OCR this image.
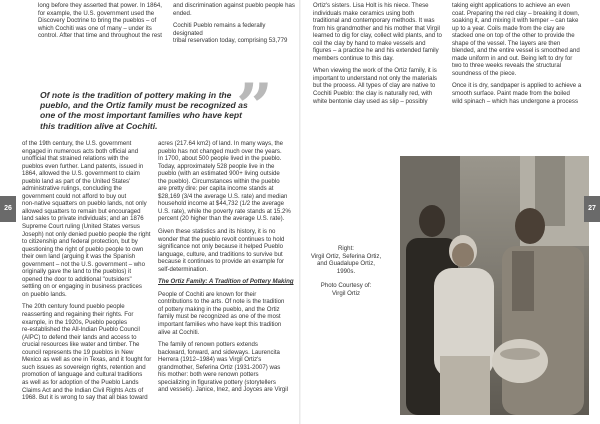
long before they asserted that power. In 1864,
for example, the U.S. government used the
Discovery Doctrine to bring the pueblos – of
which Cochiti was one of many – under its
control. After that time and throughout the rest

and discrimination against pueblo people has
ended.

Cochiti Pueblo remains a federally designated
tribal reservation today, comprising 53,779

Of note is the tradition of pottery making in the
pueblo, and the Ortiz family must be recognized as
one of the most important families who have kept
this tradition alive at Cochiti.	”
26

of the 19th century, the U.S. government
engaged in numerous acts both official and
unofficial that strained relations with the
pueblos even further. Land patents, issued in
1864, allowed the U.S. government to claim
pueblo land as part of the United States'
administrative rulings, concluding the
government could not afford to buy out
non-native squatters on pueblo lands, not only
allowed squatters to remain but encouraged
land sales to private individuals; and an 1876
Supreme Court ruling (United States versus
Joseph) not only denied pueblo people the right
to citizenship and federal protection, but by
questioning the right of pueblo people to own
their own land (arguing it was the Spanish
government – not the U.S. government – who
originally gave the land to the pueblos) it
opened the door to additional "outsiders"
settling on or engaging in business practices
on pueblo lands.

The 20th century found pueblo people
reasserting and regaining their rights. For
example, in the 1920s, Pueblo peoples
re-established the All-Indian Pueblo Council
(AIPC) to defend their lands and access to
crucial resources like water and timber. The
council represents the 19 pueblos in New
Mexico as well as one in Texas, and it fought for
such issues as sovereign rights, retention and
promotion of language and cultural traditions
as well as for adoption of the Pueblo Lands
Claims Act and the Indian Civil Rights Acts of
1968. But it is wrong to say that all bias toward

acres (217.64 km2) of land. In many ways, the
pueblo has not changed much over the years.
In 1700, about 500 people lived in the pueblo.
Today, approximately 528 people live in the
pueblo (with an estimated 900+ living outside
the pueblo). Circumstances within the pueblo
are pretty dire: per capita income stands at
$28,169 (3/4 the average U.S. rate) and median
household income at $44,732 (1/2 the average
U.S. rate), while the poverty rate stands at 15.2%
percent (20 higher than the average U.S. rate).

Given these statistics and its history, it is no
wonder that the pueblo revolt continues to hold
significance not only because it helped Pueblo
language, culture, and traditions to survive but
because it continues to provide an example for
self-determination.

The Ortiz Family: A Tradition of Pottery Making

People of Cochiti are known for their
contributions to the arts. Of note is the tradition
of pottery making in the pueblo, and the Ortiz
family must be recognized as one of the most
important families who have kept this tradition
alive at Cochiti.

The family of renown potters extends
backward, forward, and sideways. Laurencita
Herrera (1912–1984) was Virgil Ortiz's
grandmother, Seferina Ortiz (1931-2007) was
his mother: both were renown potters
specializing in figurative pottery (storytellers
and vessels). Janice, Inez, and Joyces are Virgil

Ortiz's sisters. Lisa Holt is his niece. These
individuals make ceramics using both
traditional and contemporary methods. It was
from his grandmother and his mother that Virgil
learned to dig for clay, collect wild plants, and to
coil the clay by hand to make vessels and
figures – a practice he and his extended family
members continue to this day.

When viewing the work of the Ortiz family, it is
important to understand not only the materials
but the process. All types of clay are native to
Cochiti Pueblo: the clay is naturally red, with
white bentonie clay used as slip – possibly

taking eight applications to achieve an even
coat. Preparing the red clay – breaking it down,
soaking it, and mixing it with temper – can take
up to a year. Coils made from the clay are
stacked one on top of the other to provide the
shape of the vessel. The layers are then
blended, and the entire vessel is smoothed and
made uniform in and out. Being left to dry for
two to three weeks reveals the structural
soundness of the piece.

Once it is dry, sandpaper is applied to achieve a
smooth surface. Paint made from the boiled
wild spinach – which has undergone a process

Right:
Virgil Ortiz, Seferina Ortiz,
and Guadalupe Ortiz,
1990s.

Photo Courtesy of:
Virgil Ortiz

27
